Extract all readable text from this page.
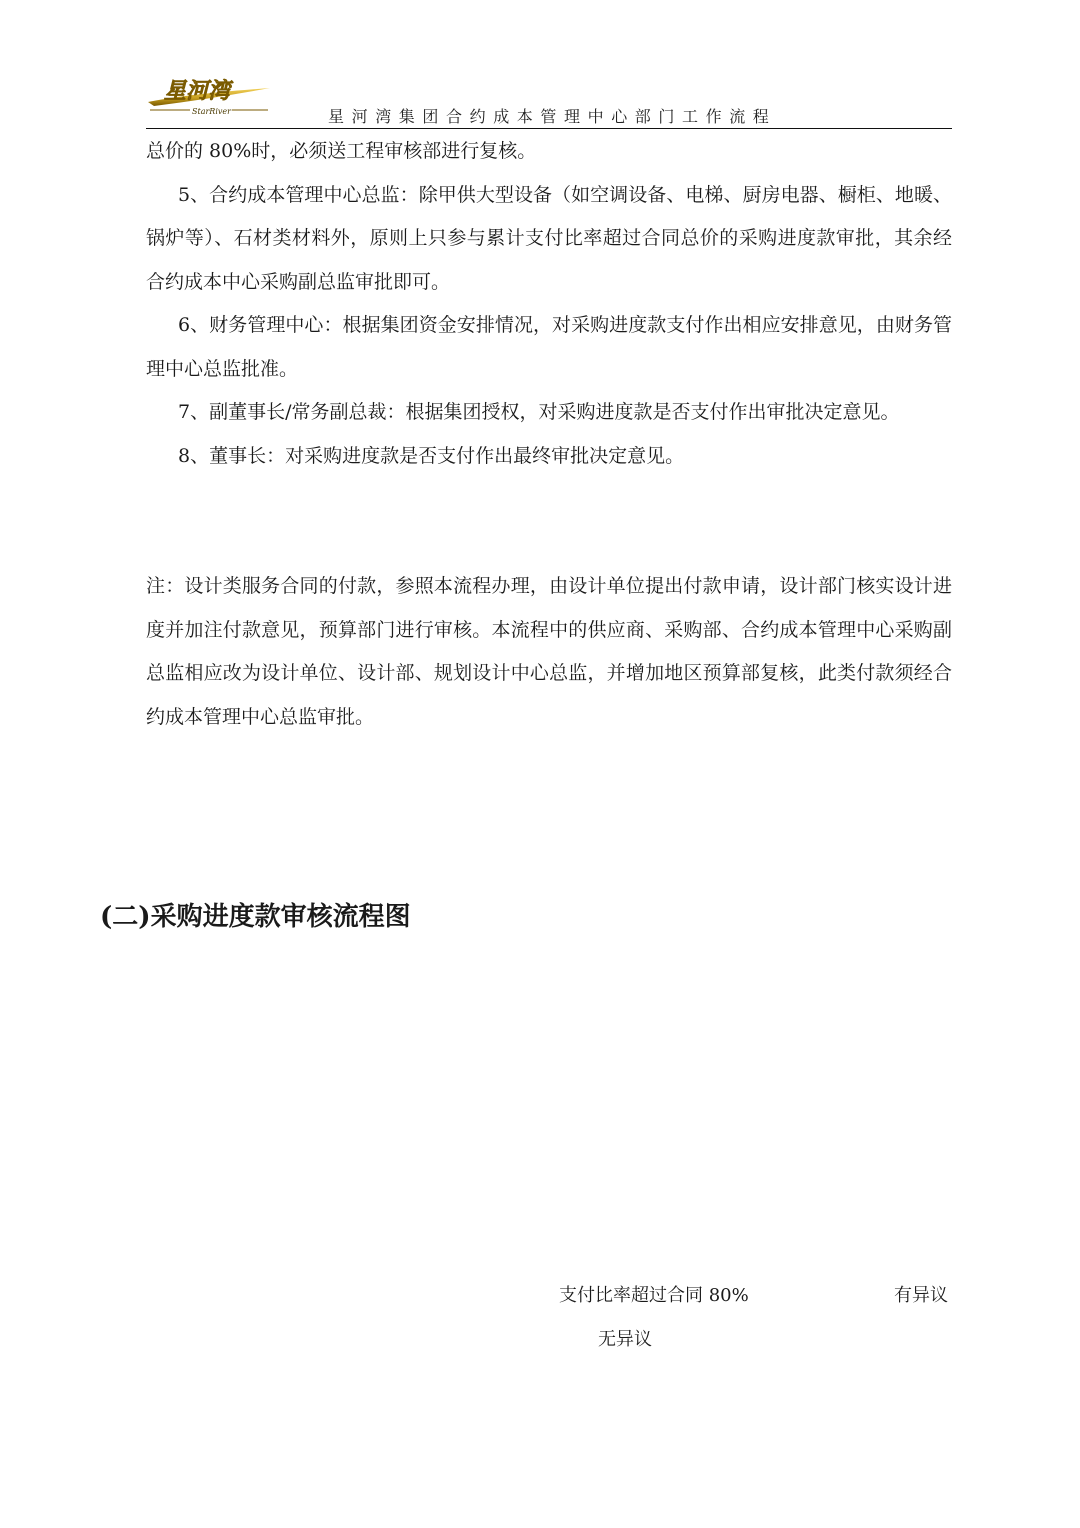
星河湾
StarRiver	星河湾集团合约成本管理中心部门工作流程

总价的 80%时，必须送工程审核部进行复核。

5、合约成本管理中心总监：除甲供大型设备（如空调设备、电梯、厨房电器、橱柜、地暖、锅炉等）、石材类材料外，原则上只参与累计支付比率超过合同总价的采购进度款审批，其余经合约成本中心采购副总监审批即可。

6、财务管理中心：根据集团资金安排情况，对采购进度款支付作出相应安排意见，由财务管理中心总监批准。

7、副董事长/常务副总裁：根据集团授权，对采购进度款是否支付作出审批决定意见。

8、董事长：对采购进度款是否支付作出最终审批决定意见。

注：设计类服务合同的付款，参照本流程办理，由设计单位提出付款申请，设计部门核实设计进度并加注付款意见，预算部门进行审核。本流程中的供应商、采购部、合约成本管理中心采购副总监相应改为设计单位、设计部、规划设计中心总监，并增加地区预算部复核，此类付款须经合约成本管理中心总监审批。

(二)采购进度款审核流程图
支付比率超过合同 80%	有异议
无异议
